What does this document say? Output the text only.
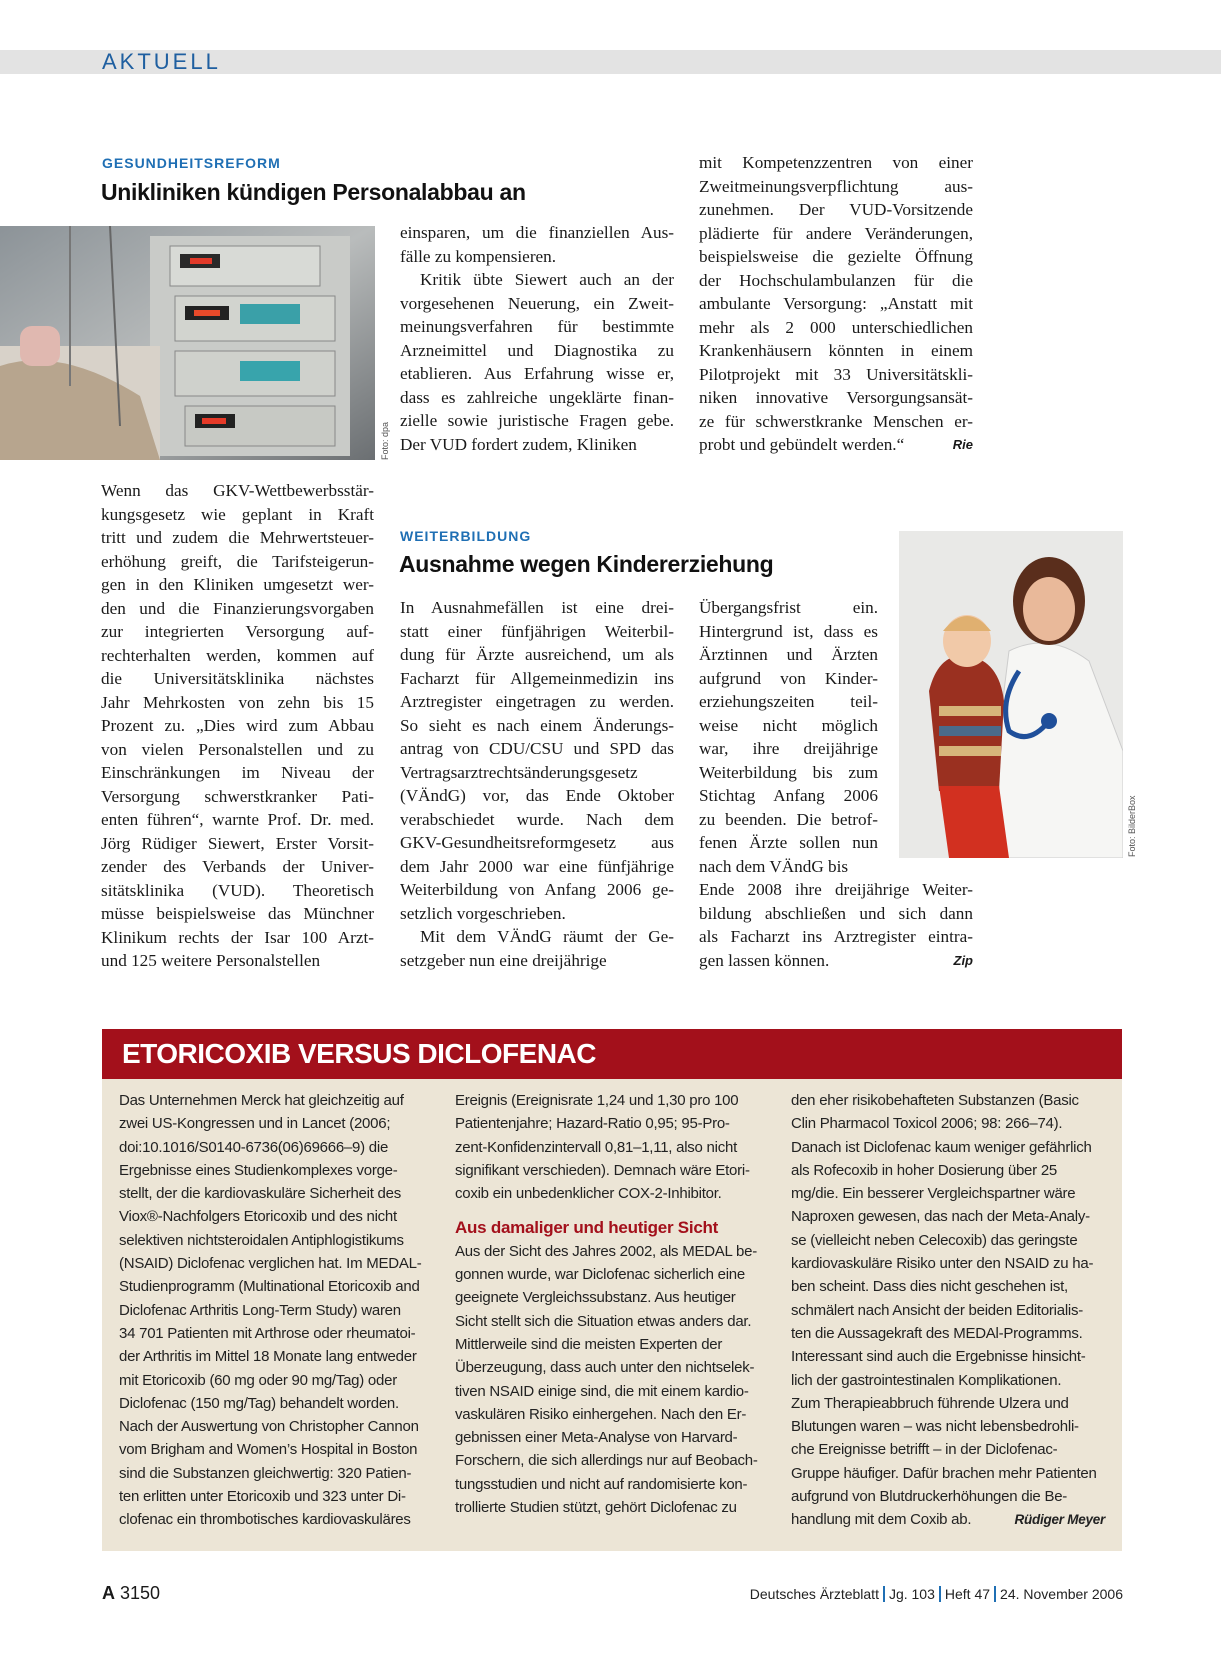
AKTUELL
GESUNDHEITSREFORM
Unikliniken kündigen Personalabbau an
Foto: dpa
Wenn das GKV-Wettbewerbsstär-
kungsgesetz wie geplant in Kraft
tritt und zudem die Mehrwertsteuer-
erhöhung greift, die Tarifsteigerun-
gen in den Kliniken umgesetzt wer-
den und die Finanzierungsvorgaben
zur integrierten Versorgung auf-
rechterhalten werden, kommen auf
die Universitätsklinika nächstes
Jahr Mehrkosten von zehn bis 15
Prozent zu. „Dies wird zum Abbau
von vielen Personalstellen und zu
Einschränkungen im Niveau der
Versorgung schwerstkranker Pati-
enten führen“, warnte Prof. Dr. med.
Jörg Rüdiger Siewert, Erster Vorsit-
zender des Verbands der Univer-
sitätsklinika (VUD). Theoretisch
müsse beispielsweise das Münchner
Klinikum rechts der Isar 100 Arzt-
und 125 weitere Personalstellen
einsparen, um die finanziellen Aus-
fälle zu kompensieren.
Kritik übte Siewert auch an der
vorgesehenen Neuerung, ein Zweit-
meinungsverfahren für bestimmte
Arzneimittel und Diagnostika zu
etablieren. Aus Erfahrung wisse er,
dass es zahlreiche ungeklärte finan-
zielle sowie juristische Fragen gebe.
Der VUD fordert zudem, Kliniken
mit Kompetenzzentren von einer
Zweitmeinungsverpflichtung aus-
zunehmen. Der VUD-Vorsitzende
plädierte für andere Veränderungen,
beispielsweise die gezielte Öffnung
der Hochschulambulanzen für die
ambulante Versorgung: „Anstatt mit
mehr als 2 000 unterschiedlichen
Krankenhäusern könnten in einem
Pilotprojekt mit 33 Universitätskli-
niken innovative Versorgungsansät-
ze für schwerstkranke Menschen er-
Rie
probt und gebündelt werden.“
WEITERBILDUNG
Ausnahme wegen Kindererziehung
In Ausnahmefällen ist eine drei-
statt einer fünfjährigen Weiterbil-
dung für Ärzte ausreichend, um als
Facharzt für Allgemeinmedizin ins
Arztregister eingetragen zu werden.
So sieht es nach einem Änderungs-
antrag von CDU/CSU und SPD das
Vertragsarztrechtsänderungsgesetz
(VÄndG) vor, das Ende Oktober
verabschiedet wurde. Nach dem
GKV-Gesundheitsreformgesetz aus
dem Jahr 2000 war eine fünfjährige
Weiterbildung von Anfang 2006 ge-
setzlich vorgeschrieben.
Mit dem VÄndG räumt der Ge-
setzgeber nun eine dreijährige
Übergangsfrist ein.
Hintergrund ist, dass es
Ärztinnen und Ärzten
aufgrund von Kinder-
erziehungszeiten teil-
weise nicht möglich
war, ihre dreijährige
Weiterbildung bis zum
Stichtag Anfang 2006
zu beenden. Die betrof-
fenen Ärzte sollen nun
nach dem VÄndG bis
Ende 2008 ihre dreijährige Weiter-
bildung abschließen und sich dann
als Facharzt ins Arztregister eintra-
Zip
gen lassen können.
Foto: BilderBox
ETORICOXIB VERSUS DICLOFENAC
Das Unternehmen Merck hat gleichzeitig auf
zwei US-Kongressen und in Lancet (2006;
doi:10.1016/S0140-6736(06)69666–9) die
Ergebnisse eines Studienkomplexes vorge-
stellt, der die kardiovaskuläre Sicherheit des
Viox®-Nachfolgers Etoricoxib und des nicht
selektiven nichtsteroidalen Antiphlogistikums
(NSAID) Diclofenac verglichen hat. Im MEDAL-
Studienprogramm (Multinational Etoricoxib and
Diclofenac Arthritis Long-Term Study) waren
34 701 Patienten mit Arthrose oder rheumatoi-
der Arthritis im Mittel 18 Monate lang entweder
mit Etoricoxib (60 mg oder 90 mg/Tag) oder
Diclofenac (150 mg/Tag) behandelt worden.
Nach der Auswertung von Christopher Cannon
vom Brigham and Women’s Hospital in Boston
sind die Substanzen gleichwertig: 320 Patien-
ten erlitten unter Etoricoxib und 323 unter Di-
clofenac ein thrombotisches kardiovaskuläres
Ereignis (Ereignisrate 1,24 und 1,30 pro 100
Patientenjahre; Hazard-Ratio 0,95; 95-Pro-
zent-Konfidenzintervall 0,81–1,11, also nicht
signifikant verschieden). Demnach wäre Etori-
coxib ein unbedenklicher COX-2-Inhibitor.
Aus damaliger und heutiger Sicht
Aus der Sicht des Jahres 2002, als MEDAL be-
gonnen wurde, war Diclofenac sicherlich eine
geeignete Vergleichssubstanz. Aus heutiger
Sicht stellt sich die Situation etwas anders dar.
Mittlerweile sind die meisten Experten der
Überzeugung, dass auch unter den nichtselek-
tiven NSAID einige sind, die mit einem kardio-
vaskulären Risiko einhergehen. Nach den Er-
gebnissen einer Meta-Analyse von Harvard-
Forschern, die sich allerdings nur auf Beobach-
tungsstudien und nicht auf randomisierte kon-
trollierte Studien stützt, gehört Diclofenac zu
den eher risikobehafteten Substanzen (Basic
Clin Pharmacol Toxicol 2006; 98: 266–74).
Danach ist Diclofenac kaum weniger gefährlich
als Rofecoxib in hoher Dosierung über 25
mg/die. Ein besserer Vergleichspartner wäre
Naproxen gewesen, das nach der Meta-Analy-
se (vielleicht neben Celecoxib) das geringste
kardiovaskuläre Risiko unter den NSAID zu ha-
ben scheint. Dass dies nicht geschehen ist,
schmälert nach Ansicht der beiden Editorialis-
ten die Aussagekraft des MEDAl-Programms.
Interessant sind auch die Ergebnisse hinsicht-
lich der gastrointestinalen Komplikationen.
Zum Therapieabbruch führende Ulzera und
Blutungen waren – was nicht lebensbedrohli-
che Ereignisse betrifft – in der Diclofenac-
Gruppe häufiger. Dafür brachen mehr Patienten
aufgrund von Blutdruckerhöhungen die Be-
handlung mit dem Coxib ab.	Rüdiger Meyer
A 3150	Deutsches Ärzteblatt Jg. 103 Heft 47 24. November 2006
